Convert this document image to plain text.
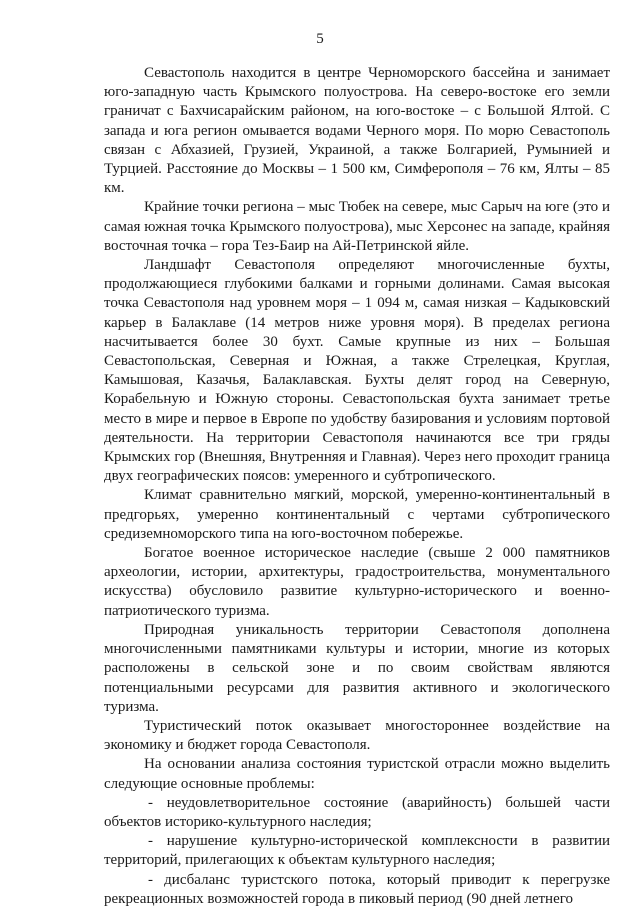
5

Севастополь находится в центре Черноморского бассейна и занимает юго-западную часть Крымского полуострова. На северо-востоке его земли граничат с Бахчисарайским районом, на юго-востоке – с Большой Ялтой. С запада и юга регион омывается водами Черного моря. По морю Севастополь связан с Абхазией, Грузией, Украиной, а также Болгарией, Румынией и Турцией. Расстояние до Москвы – 1 500 км, Симферополя – 76 км, Ялты – 85 км.

Крайние точки региона – мыс Тюбек на севере, мыс Сарыч на юге (это и самая южная точка Крымского полуострова), мыс Херсонес на западе, крайняя восточная точка – гора Тез-Баир на Ай-Петринской яйле.

Ландшафт Севастополя определяют многочисленные бухты, продолжающиеся глубокими балками и горными долинами. Самая высокая точка Севастополя над уровнем моря – 1 094 м, самая низкая – Кадыковский карьер в Балаклаве (14 метров ниже уровня моря). В пределах региона насчитывается более 30 бухт. Самые крупные из них – Большая Севастопольская, Северная и Южная, а также Стрелецкая, Круглая, Камышовая, Казачья, Балаклавская. Бухты делят город на Северную, Корабельную и Южную стороны. Севастопольская бухта занимает третье место в мире и первое в Европе по удобству базирования и условиям портовой деятельности. На территории Севастополя начинаются все три гряды Крымских гор (Внешняя, Внутренняя и Главная). Через него проходит граница двух географических поясов: умеренного и субтропического.

Климат сравнительно мягкий, морской, умеренно-континентальный в предгорьях, умеренно континентальный с чертами субтропического средиземноморского типа на юго-восточном побережье.

Богатое военное историческое наследие (свыше 2 000 памятников археологии, истории, архитектуры, градостроительства, монументального искусства) обусловило развитие культурно-исторического и военно-патриотического туризма.

Природная уникальность территории Севастополя дополнена многочисленными памятниками культуры и истории, многие из которых расположены в сельской зоне и по своим свойствам являются потенциальными ресурсами для развития активного и экологического туризма.

Туристический поток оказывает многостороннее воздействие на экономику и бюджет города Севастополя.

На основании анализа состояния туристской отрасли можно выделить следующие основные проблемы:

- неудовлетворительное состояние (аварийность) большей части объектов историко-культурного наследия;

- нарушение культурно-исторической комплексности в развитии территорий, прилегающих к объектам культурного наследия;

- дисбаланс туристского потока, который приводит к перегрузке рекреационных возможностей города в пиковый период (90 дней летнего
